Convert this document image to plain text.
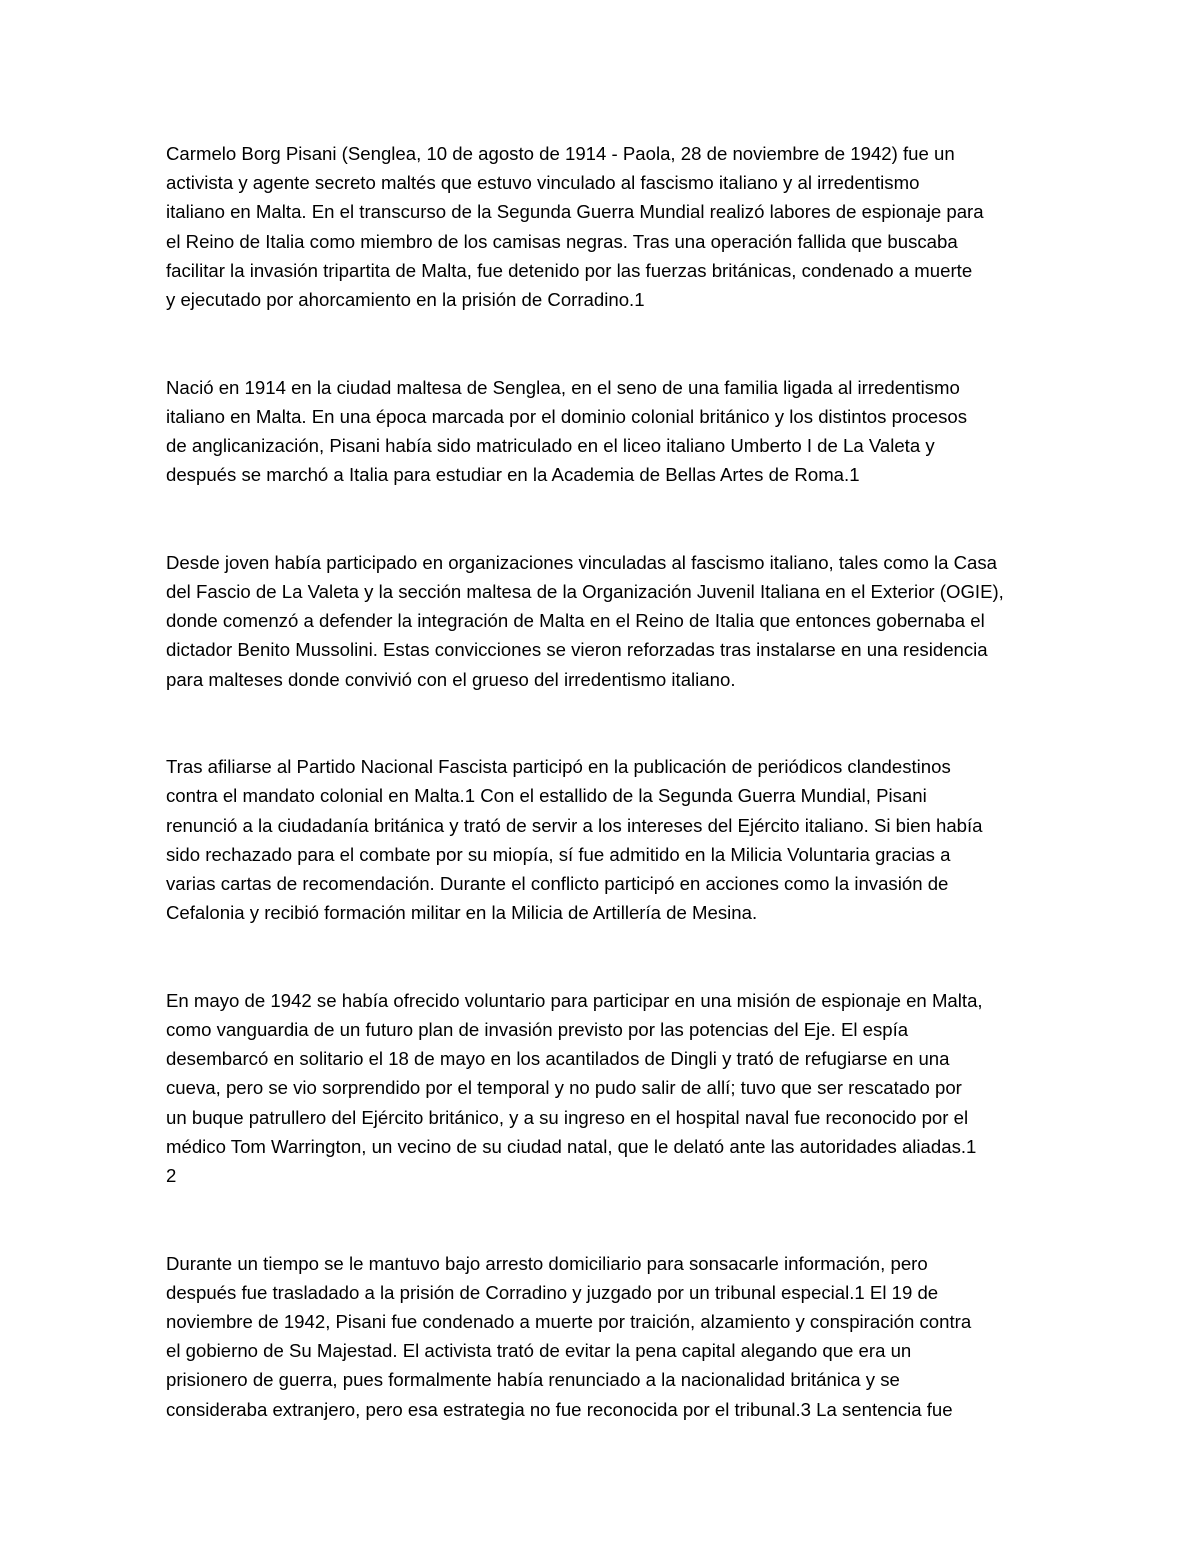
Carmelo Borg Pisani (Senglea, 10 de agosto de 1914 - Paola, 28 de noviembre de 1942) fue un
activista y agente secreto maltés que estuvo vinculado al fascismo italiano y al irredentismo
italiano en Malta. En el transcurso de la Segunda Guerra Mundial realizó labores de espionaje para
el Reino de Italia como miembro de los camisas negras. Tras una operación fallida que buscaba
facilitar la invasión tripartita de Malta, fue detenido por las fuerzas británicas, condenado a muerte
y ejecutado por ahorcamiento en la prisión de Corradino.1

Nació en 1914 en la ciudad maltesa de Senglea, en el seno de una familia ligada al irredentismo
italiano en Malta. En una época marcada por el dominio colonial británico y los distintos procesos
de anglicanización, Pisani había sido matriculado en el liceo italiano Umberto I de La Valeta y
después se marchó a Italia para estudiar en la Academia de Bellas Artes de Roma.1

Desde joven había participado en organizaciones vinculadas al fascismo italiano, tales como la Casa
del Fascio de La Valeta y la sección maltesa de la Organización Juvenil Italiana en el Exterior (OGIE),
donde comenzó a defender la integración de Malta en el Reino de Italia que entonces gobernaba el
dictador Benito Mussolini. Estas convicciones se vieron reforzadas tras instalarse en una residencia
para malteses donde convivió con el grueso del irredentismo italiano.

Tras afiliarse al Partido Nacional Fascista participó en la publicación de periódicos clandestinos
contra el mandato colonial en Malta.1 Con el estallido de la Segunda Guerra Mundial, Pisani
renunció a la ciudadanía británica y trató de servir a los intereses del Ejército italiano. Si bien había
sido rechazado para el combate por su miopía, sí fue admitido en la Milicia Voluntaria gracias a
varias cartas de recomendación. Durante el conflicto participó en acciones como la invasión de
Cefalonia y recibió formación militar en la Milicia de Artillería de Mesina.

En mayo de 1942 se había ofrecido voluntario para participar en una misión de espionaje en Malta,
como vanguardia de un futuro plan de invasión previsto por las potencias del Eje. El espía
desembarcó en solitario el 18 de mayo en los acantilados de Dingli y trató de refugiarse en una
cueva, pero se vio sorprendido por el temporal y no pudo salir de allí; tuvo que ser rescatado por
un buque patrullero del Ejército británico, y a su ingreso en el hospital naval fue reconocido por el
médico Tom Warrington, un vecino de su ciudad natal, que le delató ante las autoridades aliadas.1
2

Durante un tiempo se le mantuvo bajo arresto domiciliario para sonsacarle información, pero
después fue trasladado a la prisión de Corradino y juzgado por un tribunal especial.1 El 19 de
noviembre de 1942, Pisani fue condenado a muerte por traición, alzamiento y conspiración contra
el gobierno de Su Majestad. El activista trató de evitar la pena capital alegando que era un
prisionero de guerra, pues formalmente había renunciado a la nacionalidad británica y se
consideraba extranjero, pero esa estrategia no fue reconocida por el tribunal.3 La sentencia fue
